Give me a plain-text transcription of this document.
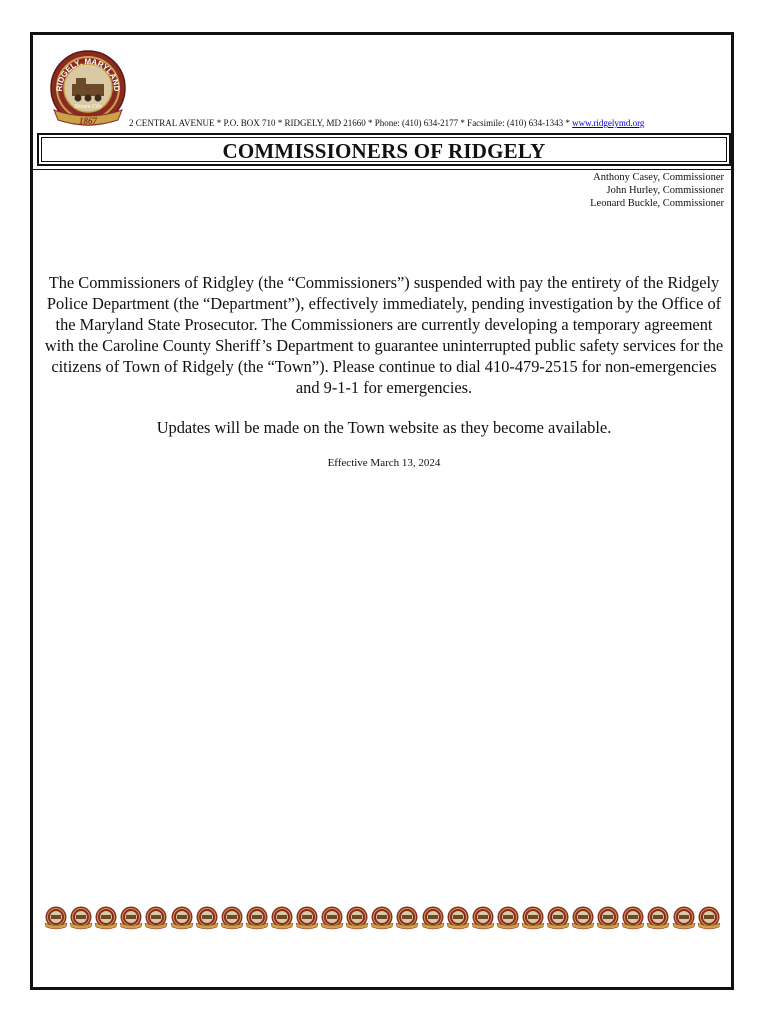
RIDGELY, MARYLAND
Dream City
1867	2 CENTRAL AVENUE * P.O. BOX 710 * RIDGELY, MD 21660 * Phone: (410) 634-2177 * Facsimile: (410) 634-1343 * www.ridgelymd.org
COMMISSIONERS OF RIDGELY
Anthony Casey, Commissioner
John Hurley, Commissioner
Leonard Buckle, Commissioner
The Commissioners of Ridgley (the “Commissioners”) suspended with pay the entirety of the Ridgely Police Department (the “Department”), effectively immediately, pending investigation by the Office of the Maryland State Prosecutor. The Commissioners are currently developing a temporary agreement with the Caroline County Sheriff’s Department to guarantee uninterrupted public safety services for the citizens of Town of Ridgely (the “Town”). Please continue to dial 410-479-2515 for non-emergencies and 9-1-1 for emergencies.
Updates will be made on the Town website as they become available.
Effective March 13, 2024
